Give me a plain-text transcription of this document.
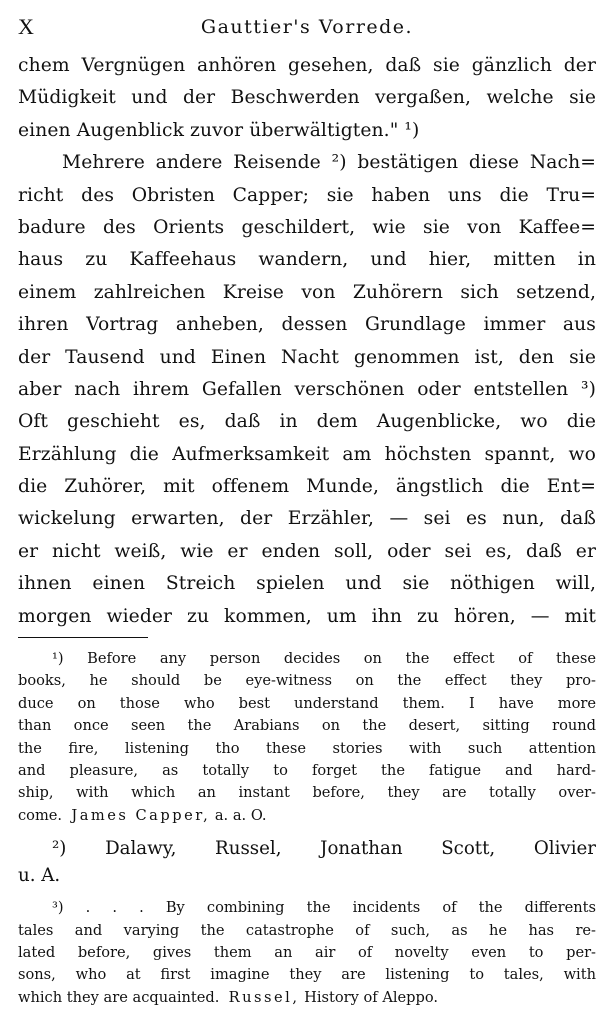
X	Gauttier's Vorrede.
chem Vergnügen anhören gesehen, daß sie gänzlich der
Müdigkeit und der Beschwerden vergaßen, welche sie
einen Augenblick zuvor überwältigten." ¹)
Mehrere andere Reisende ²) bestätigen diese Nach=
richt des Obristen Capper; sie haben uns die Tru=
badure des Orients geschildert, wie sie von Kaffee=
haus zu Kaffeehaus wandern, und hier, mitten in
einem zahlreichen Kreise von Zuhörern sich setzend,
ihren Vortrag anheben, dessen Grundlage immer aus
der Tausend und Einen Nacht genommen ist, den sie
aber nach ihrem Gefallen verschönen oder entstellen ³)
Oft geschieht es, daß in dem Augenblicke, wo die
Erzählung die Aufmerksamkeit am höchsten spannt, wo
die Zuhörer, mit offenem Munde, ängstlich die Ent=
wickelung erwarten, der Erzähler, — sei es nun, daß
er nicht weiß, wie er enden soll, oder sei es, daß er
ihnen einen Streich spielen und sie nöthigen will,
morgen wieder zu kommen, um ihn zu hören, — mit
¹) Before any person decides on the effect of these
books, he should be eye-witness on the effect they pro-
duce on those who best understand them. I have more
than once seen the Arabians on the desert, sitting round
the fire, listening tho these stories with such attention
and pleasure, as totally to forget the fatigue and hard-
ship, with which an instant before, they are totally over-
come. James Capper, a. a. O.
²) Dalawy, Russel, Jonathan Scott, Olivier
u. A.
³) . . . By combining the incidents of the differents
tales and varying the catastrophe of such, as he has re-
lated before, gives them an air of novelty even to per-
sons, who at first imagine they are listening to tales, with
which they are acquainted. Russel, History of Aleppo.
